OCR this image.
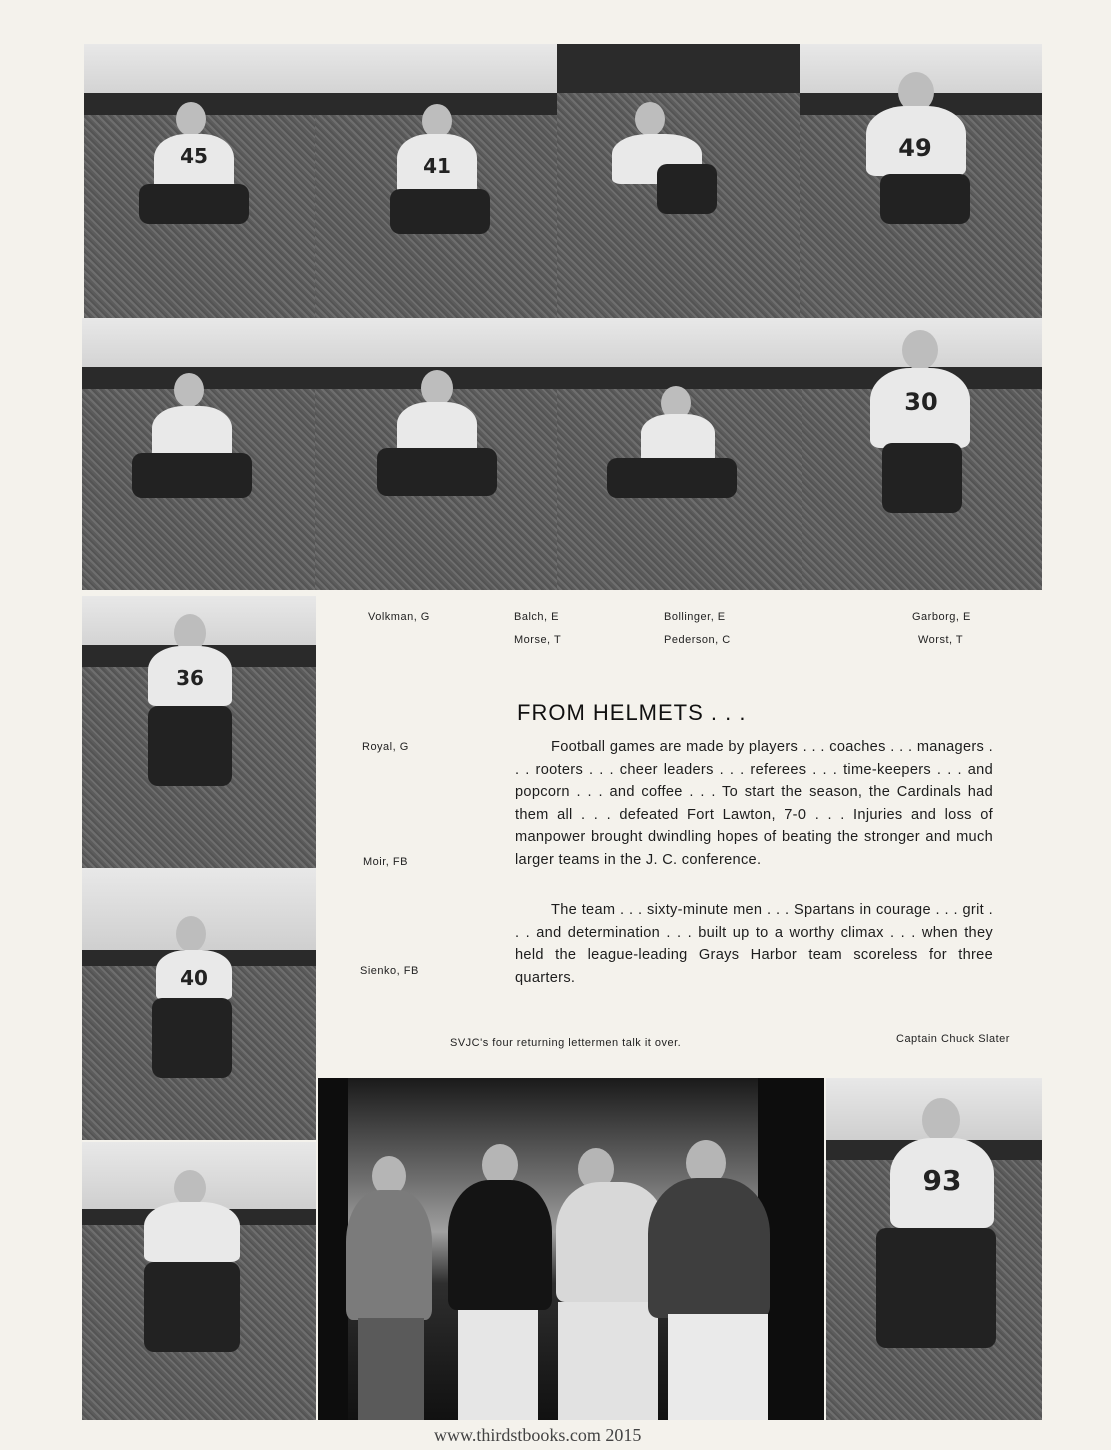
45	41
49
30
36
40
93
Volkman, G	Balch, E
Morse, T
Bollinger, E
Pederson, C
Garborg, E
Worst, T
Royal, G
Moir, FB
Sienko, FB
SVJC's four returning lettermen talk it over.	Captain Chuck Slater
FROM HELMETS . . .
Football games are made by players . . . coaches . . . managers . . . rooters . . . cheer leaders . . . referees . . . time-keepers . . . and popcorn . . . and coffee . . . To start the season, the Cardinals had them all . . . defeated Fort Lawton, 7-0 . . . Injuries and loss of manpower brought dwindling hopes of beating the stronger and much larger teams in the J. C. conference.
The team . . . sixty-minute men . . . Spartans in courage . . . grit . . . and determination . . . built up to a worthy climax . . . when they held the league-leading Grays Harbor team scoreless for three quarters.
www.thirdstbooks.com 2015
